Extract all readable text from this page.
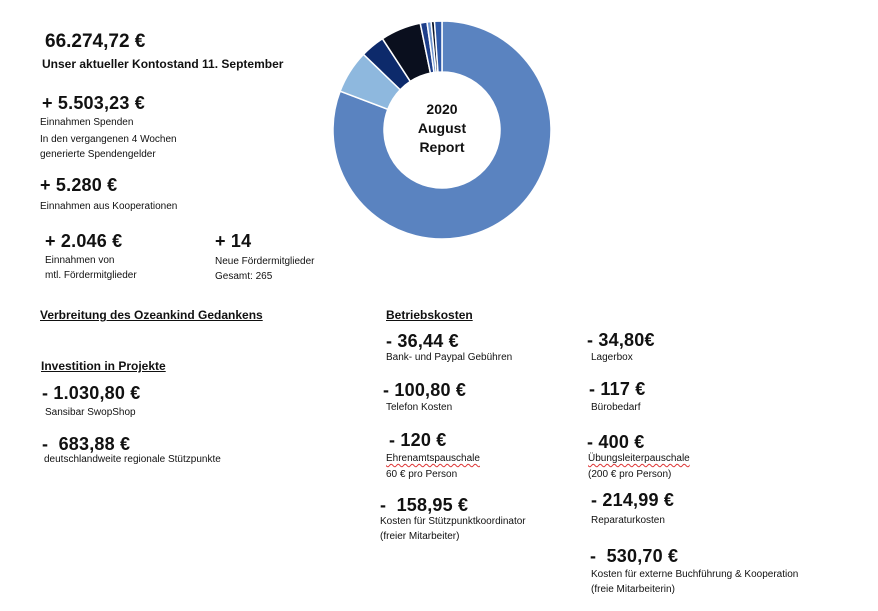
66.274,72 €
Unser aktueller Kontostand 11. September
+ 5.503,23 €
Einnahmen Spenden
In den vergangenen 4 Wochen
generierte Spendengelder
+ 5.280 €
Einnahmen aus Kooperationen
+ 2.046 €
Einnahmen von
mtl. Fördermitglieder
+ 14
Neue Fördermitglieder
Gesamt: 265
2020
August
Report
Verbreitung des Ozeankind Gedankens
Investition in Projekte
- 1.030,80 €
Sansibar SwopShop
-  683,88 €
deutschlandweite regionale Stützpunkte
Betriebskosten
- 36,44 €
Bank- und Paypal Gebühren
- 100,80 €
Telefon Kosten
- 120 €
Ehrenamtspauschale
60 € pro Person
-  158,95 €
Kosten für Stützpunktkoordinator
(freier Mitarbeiter)
- 34,80€
Lagerbox
- 117 €
Bürobedarf
- 400 €
Übungsleiterpauschale
(200 € pro Person)
- 214,99 €
Reparaturkosten
-  530,70 €
Kosten für externe Buchführung & Kooperation
(freie Mitarbeiterin)
